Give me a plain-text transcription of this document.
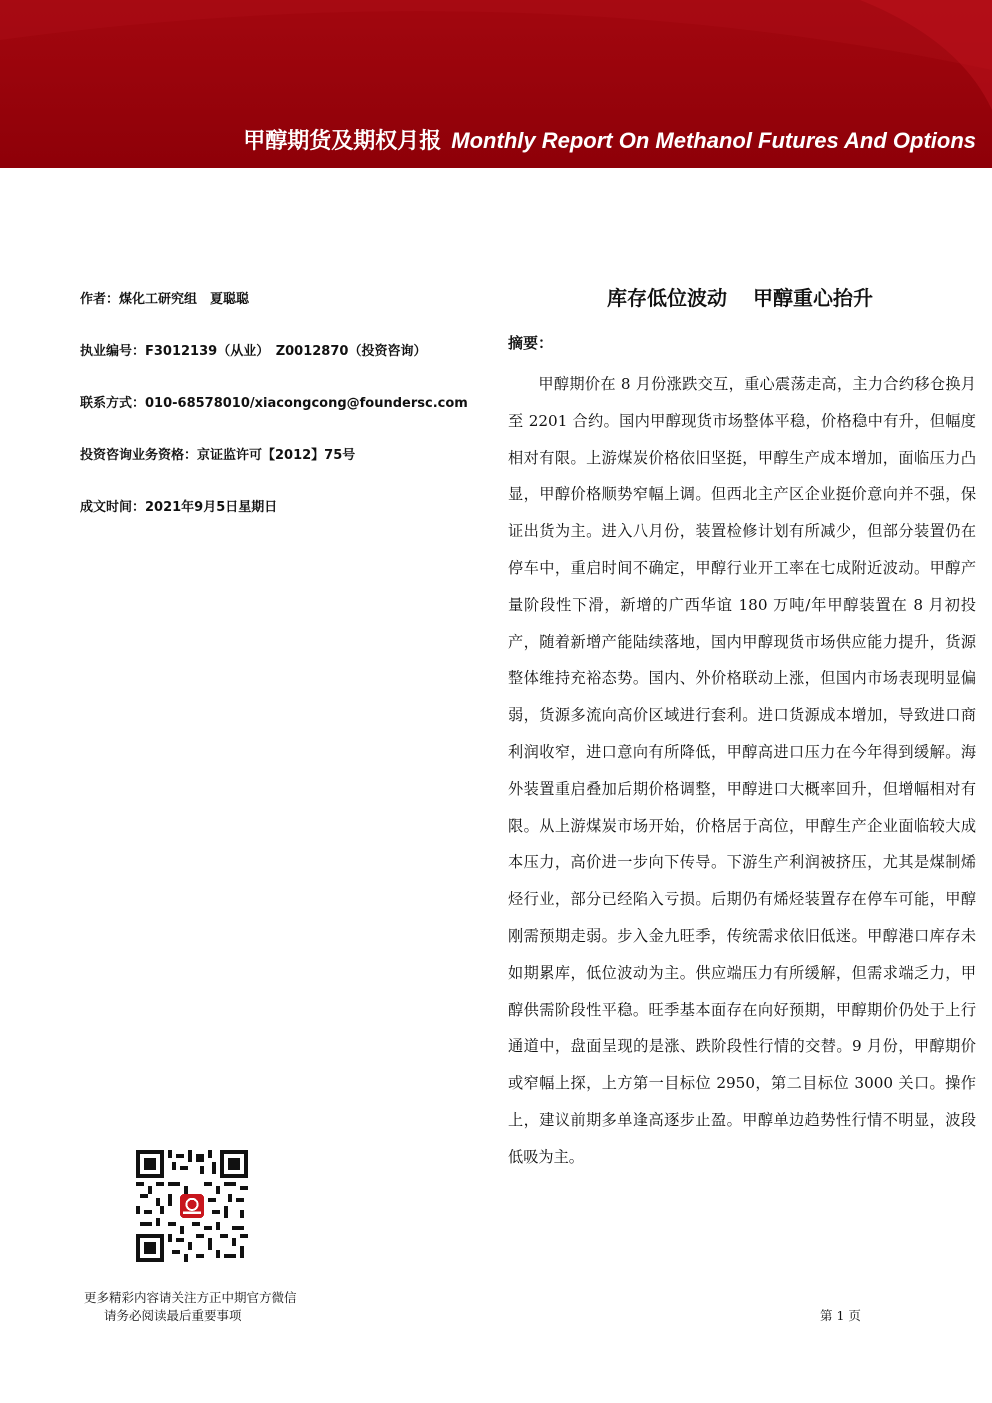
甲醇期货及期权月报 Monthly Report On Methanol Futures And Options
作者：煤化工研究组　夏聪聪
执业编号：F3012139（从业）　Z0012870（投资咨询）
联系方式：010-68578010/xiacongcong@foundersc.com
投资咨询业务资格：京证监许可【2012】75号
成文时间：2021年9月5日星期日
库存低位波动 甲醇重心抬升
摘要：

甲醇期价在 8 月份涨跌交互，重心震荡走高，主力合约移仓换月至 2201 合约。国内甲醇现货市场整体平稳，价格稳中有升，但幅度相对有限。上游煤炭价格依旧坚挺，甲醇生产成本增加，面临压力凸显，甲醇价格顺势窄幅上调。但西北主产区企业挺价意向并不强，保证出货为主。进入八月份，装置检修计划有所减少，但部分装置仍在停车中，重启时间不确定，甲醇行业开工率在七成附近波动。甲醇产量阶段性下滑，新增的广西华谊 180 万吨/年甲醇装置在 8 月初投产，随着新增产能陆续落地，国内甲醇现货市场供应能力提升，货源整体维持充裕态势。国内、外价格联动上涨，但国内市场表现明显偏弱，货源多流向高价区域进行套利。进口货源成本增加，导致进口商利润收窄，进口意向有所降低，甲醇高进口压力在今年得到缓解。海外装置重启叠加后期价格调整，甲醇进口大概率回升，但增幅相对有限。从上游煤炭市场开始，价格居于高位，甲醇生产企业面临较大成本压力，高价进一步向下传导。下游生产利润被挤压，尤其是煤制烯烃行业，部分已经陷入亏损。后期仍有烯烃装置存在停车可能，甲醇刚需预期走弱。步入金九旺季，传统需求依旧低迷。甲醇港口库存未如期累库，低位波动为主。供应端压力有所缓解，但需求端乏力，甲醇供需阶段性平稳。旺季基本面存在向好预期，甲醇期价仍处于上行通道中，盘面呈现的是涨、跌阶段性行情的交替。9 月份，甲醇期价或窄幅上探，上方第一目标位 2950，第二目标位 3000 关口。操作上，建议前期多单逢高逐步止盈。甲醇单边趋势性行情不明显，波段低吸为主。

更多精彩内容请关注方正中期官方微信
请务必阅读最后重要事项	第 1 页
